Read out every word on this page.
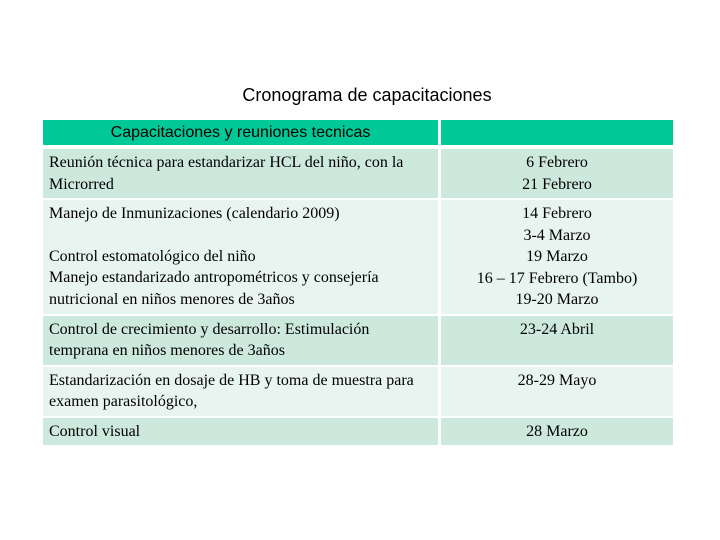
Cronograma de capacitaciones
Capacitaciones y reuniones tecnicas	

Reunión técnica para estandarizar HCL del niño, con la Microrred	6 Febrero
21 Febrero

Manejo de Inmunizaciones (calendario 2009)
Control estomatológico del niño
Manejo estandarizado antropométricos y consejería nutricional en niños menores de 3años	14 Febrero
3-4 Marzo
19 Marzo
16 – 17 Febrero (Tambo)
19-20 Marzo

Control de crecimiento y desarrollo: Estimulación temprana en niños menores de 3años	23-24 Abril

Estandarización en dosaje de HB y toma de muestra para examen parasitológico,	28-29 Mayo

Control visual	28 Marzo
